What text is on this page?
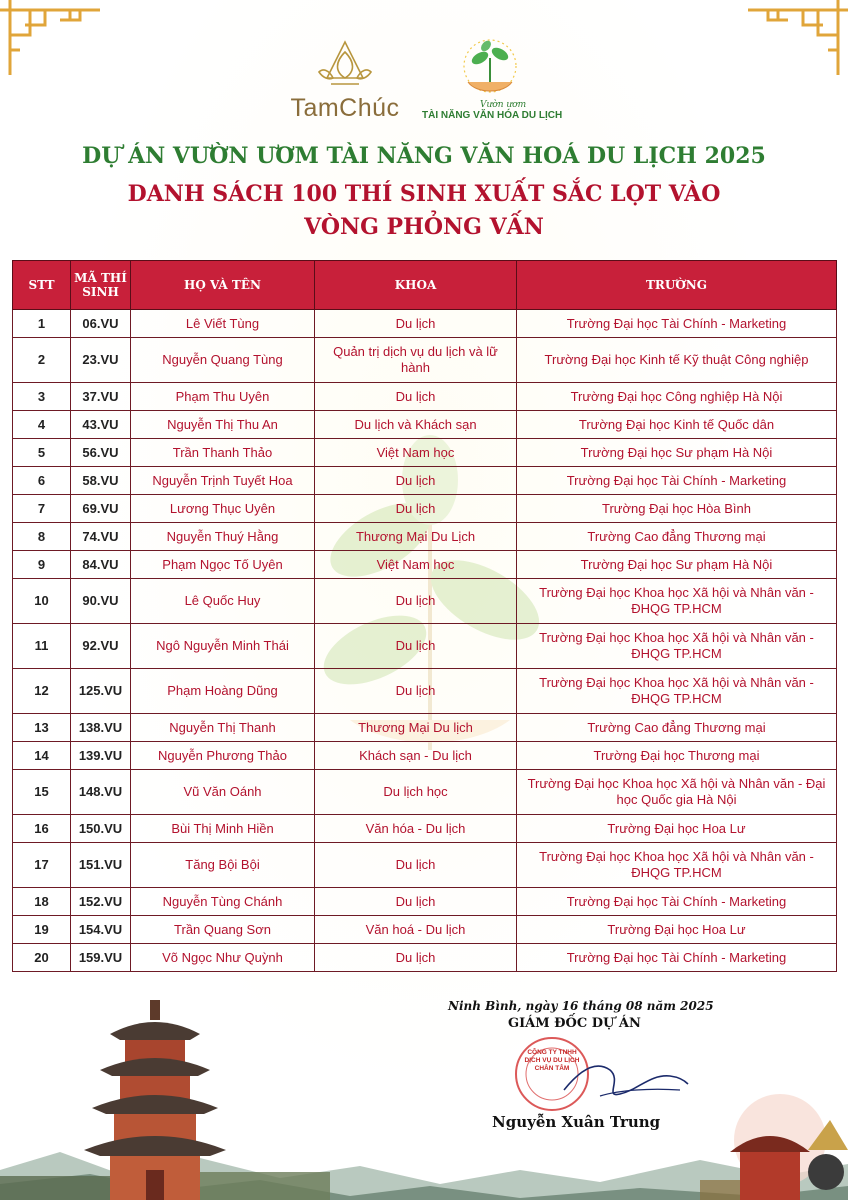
TamChúc	Vườn ươm
TÀI NĂNG VĂN HÓA DU LỊCH
DỰ ÁN VƯỜN ƯƠM TÀI NĂNG VĂN HOÁ DU LỊCH 2025
DANH SÁCH 100 THÍ SINH XUẤT SẮC LỌT VÀO
VÒNG PHỎNG VẤN
STT	MÃ THÍ SINH	HỌ VÀ TÊN	KHOA	TRƯỜNG
1	06.VU	Lê Viết Tùng	Du lịch	Trường Đại học Tài Chính - Marketing
2	23.VU	Nguyễn Quang Tùng	Quản trị dịch vụ du lịch và lữ hành	Trường Đại học Kinh tế Kỹ thuật Công nghiệp
3	37.VU	Phạm Thu Uyên	Du lịch	Trường Đại học Công nghiệp Hà Nội
4	43.VU	Nguyễn Thị Thu An	Du lịch và Khách sạn	Trường Đại học Kinh tế Quốc dân
5	56.VU	Trần Thanh Thảo	Việt Nam học	Trường Đại học Sư phạm Hà Nội
6	58.VU	Nguyễn Trịnh Tuyết Hoa	Du lịch	Trường Đại học Tài Chính - Marketing
7	69.VU	Lương Thục Uyên	Du lịch	Trường Đại học Hòa Bình
8	74.VU	Nguyễn Thuý Hằng	Thương Mại Du Lịch	Trường Cao đẳng Thương mại
9	84.VU	Phạm Ngọc Tố Uyên	Việt Nam học	Trường Đại học Sư phạm Hà Nội
10	90.VU	Lê Quốc Huy	Du lịch	Trường Đại học Khoa học Xã hội và Nhân văn - ĐHQG TP.HCM
11	92.VU	Ngô Nguyễn Minh Thái	Du lịch	Trường Đại học Khoa học Xã hội và Nhân văn - ĐHQG TP.HCM
12	125.VU	Phạm Hoàng Dũng	Du lịch	Trường Đại học Khoa học Xã hội và Nhân văn - ĐHQG TP.HCM
13	138.VU	Nguyễn Thị Thanh	Thương Mại Du lịch	Trường Cao đẳng Thương mại
14	139.VU	Nguyễn Phương Thảo	Khách sạn - Du lịch	Trường Đại học Thương mại
15	148.VU	Vũ Văn Oánh	Du lịch học	Trường Đại học Khoa học Xã hội và Nhân văn - Đại học Quốc gia Hà Nội
16	150.VU	Bùi Thị Minh Hiền	Văn hóa - Du lịch	Trường Đại học Hoa Lư
17	151.VU	Tăng Bội Bội	Du lịch	Trường Đại học Khoa học Xã hội và Nhân văn - ĐHQG TP.HCM
18	152.VU	Nguyễn Tùng Chánh	Du lịch	Trường Đại học Tài Chính - Marketing
19	154.VU	Trần Quang Sơn	Văn hoá - Du lịch	Trường Đại học Hoa Lư
20	159.VU	Võ Ngọc Như Quỳnh	Du lịch	Trường Đại học Tài Chính - Marketing
Ninh Bình, ngày 16 tháng 08 năm 2025
GIÁM ĐỐC DỰ ÁN
CÔNG TY TNHH DỊCH VỤ DU LỊCH CHÂN TÂM
Nguyễn Xuân Trung
